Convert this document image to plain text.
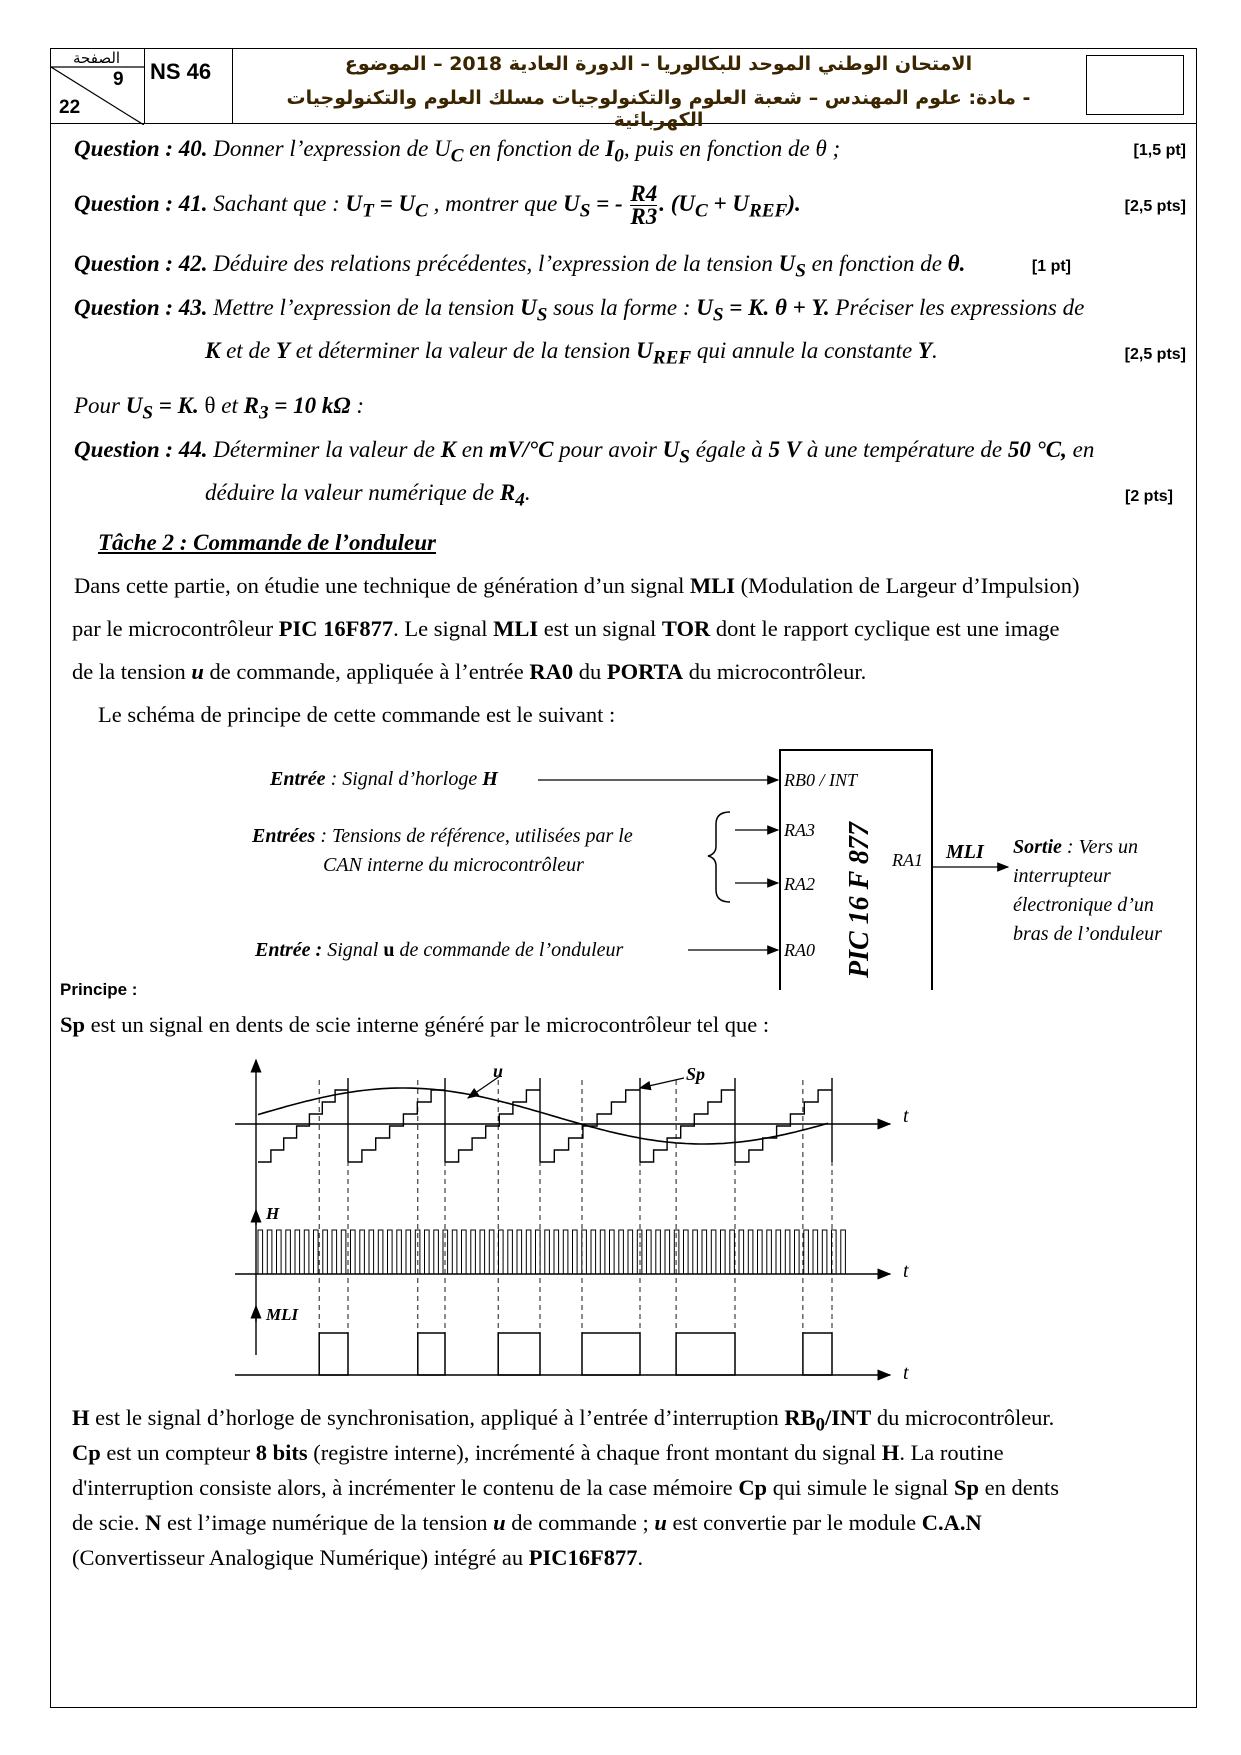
الصفحة
9
22
NS 46	الامتحان الوطني الموحد للبكالوريا – الدورة العادية 2018 – الموضوع
- مادة: علوم المهندس – شعبة العلوم والتكنولوجيات مسلك العلوم والتكنولوجيات الكهربائية
Question : 40. Donner l’expression de $U_C$ en fonction de $I_0$, puis en fonction de θ ;	[1,5 pt]
Question : 41. Sachant que : $U_T = U_C$ , montrer que $U_S$ = - $\frac{R4}{R3}$ . $(U_C + U_{REF})$.	[2,5 pts]
Question : 42. Déduire des relations précédentes, l’expression de la tension $U_S$ en fonction de θ.	[1 pt]
Question : 43. Mettre l’expression de la tension $U_S$ sous la forme : $U_S = K$. θ + Y. Préciser les expressions de
K et de Y et déterminer la valeur de la tension $U_{REF}$ qui annule la constante Y.	[2,5 pts]
Pour $U_S = K$. θ et $R_3 = 10$ kΩ :
Question : 44. Déterminer la valeur de K en mV/°C pour avoir $U_S$ égale à 5 V à une température de 50 °C, en
déduire la valeur numérique de $R_4$.	[2 pts]
Tâche 2 : Commande de l’onduleur
Dans cette partie, on étudie une technique de génération d’un signal MLI (Modulation de Largeur d’Impulsion)
par le microcontrôleur PIC 16F877. Le signal MLI est un signal TOR dont le rapport cyclique est une image
de la tension u de commande, appliquée à l’entrée RA0 du PORTA du microcontrôleur.
Le schéma de principe de cette commande est le suivant :
Entrée : Signal d’horloge H
Entrées : Tensions de référence, utilisées par le
CAN interne du microcontrôleur
Entrée : Signal u de commande de l’onduleur
RB0 / INT
RA3
RA2
RA0
RA1
PIC 16 F 877	MLI Sortie : Vers un
interrupteur
électronique d’un
bras de l’onduleur
Principe :
Sp est un signal en dents de scie interne généré par le microcontrôleur tel que :
t
t
t
u	Sp
H
MLI
H est le signal d’horloge de synchronisation, appliqué à l’entrée d’interruption $RB_0$/INT du microcontrôleur.
Cp est un compteur 8 bits (registre interne), incrémenté à chaque front montant du signal H. La routine
d'interruption consiste alors, à incrémenter le contenu de la case mémoire Cp qui simule le signal Sp en dents
de scie. N est l’image numérique de la tension u de commande ; u est convertie par le module C.A.N
(Convertisseur Analogique Numérique) intégré au PIC16F877.
